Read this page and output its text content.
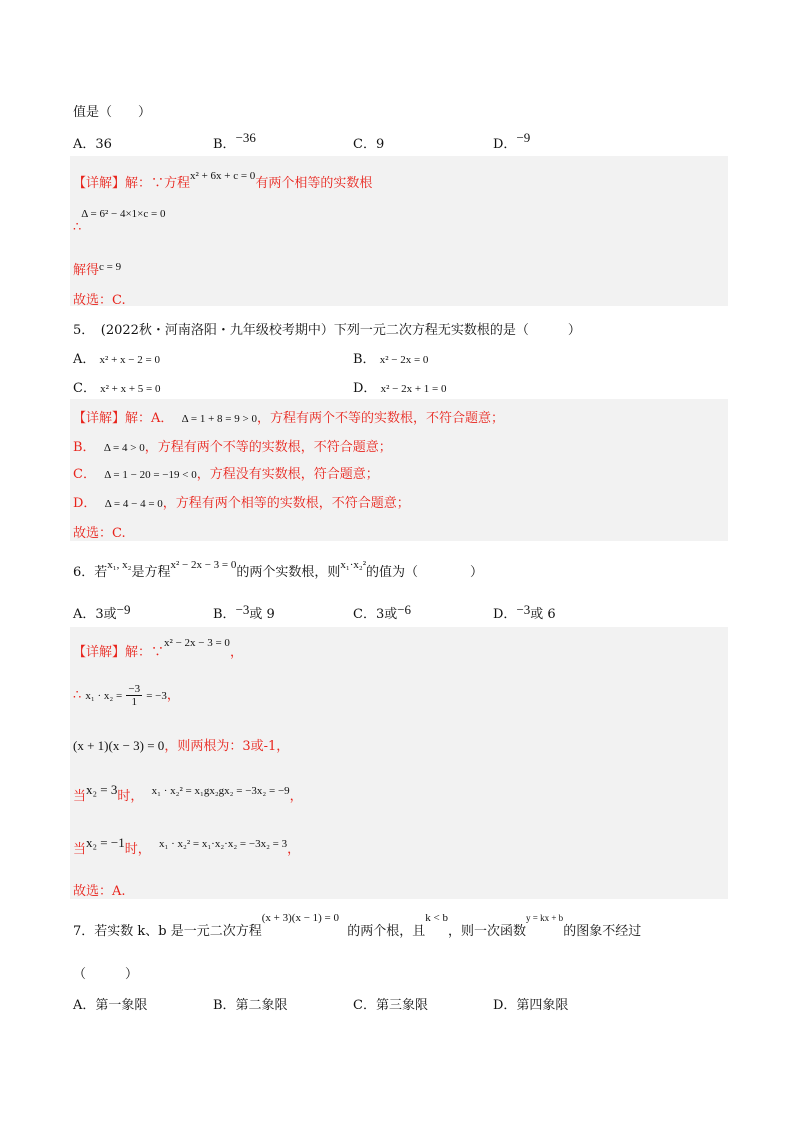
值是（　　）
A．36	B．−36	C．9	D．−9
【详解】解：∵方程$^{x^2 + 6x + c = 0}$有两个相等的实数根
∴Δ = 6² − 4×1×c = 0
解得$^{c = 9}$
故选：C.
5．　(2022秋・河南洛阳・九年级校考期中）下列一元二次方程无实数根的是（　　　）
A． x² + x − 2 = 0	B． x² − 2x = 0
C． x² + x + 5 = 0	D． x² − 2x + 1 = 0
【详解】解：A． Δ = 1 + 8 = 9 > 0，方程有两个不等的实数根，不符合题意；
B． Δ = 4 > 0，方程有两个不等的实数根，不符合题意；
C． Δ = 1 − 20 = −19 < 0，方程没有实数根，符合题意；
D． Δ = 4 − 4 = 0，方程有两个相等的实数根，不符合题意；
故选：C.
6．若$^{x_1, x_2}$是方程$^{x^2 - 2x - 3 = 0}$的两个实数根，则$^{x_1\cdot x_2^2}$的值为（　　　　）
A．3或−9	B．−3或 9	C．3或−6	D．−3或 6
【详解】解：∵$^{x^2 - 2x - 3 = 0}$，
∴ $x_1 \cdot x_2 = \frac{-3}{1} = -3$，
(x + 1)(x − 3) = 0，则两根为：3或-1，
当x₂ = 3时， $^{x_1 \cdot x_2^2 = x_1gx_2gx_2 = -3x_2 = -9}$，
当x₂ = −1时， $^{x_1 \cdot x_2^2 = x_1\cdot x_2\cdot x_2 = -3x_2 = 3}$，
故选：A.
7．若实数 k、b 是一元二次方程$^{(x + 3)(x - 1) = 0}$  的两个根，且$^{k < b}$，则一次函数$^{y = kx + b}$的图象不经过
（　　　）
A．第一象限	B．第二象限	C．第三象限	D．第四象限
